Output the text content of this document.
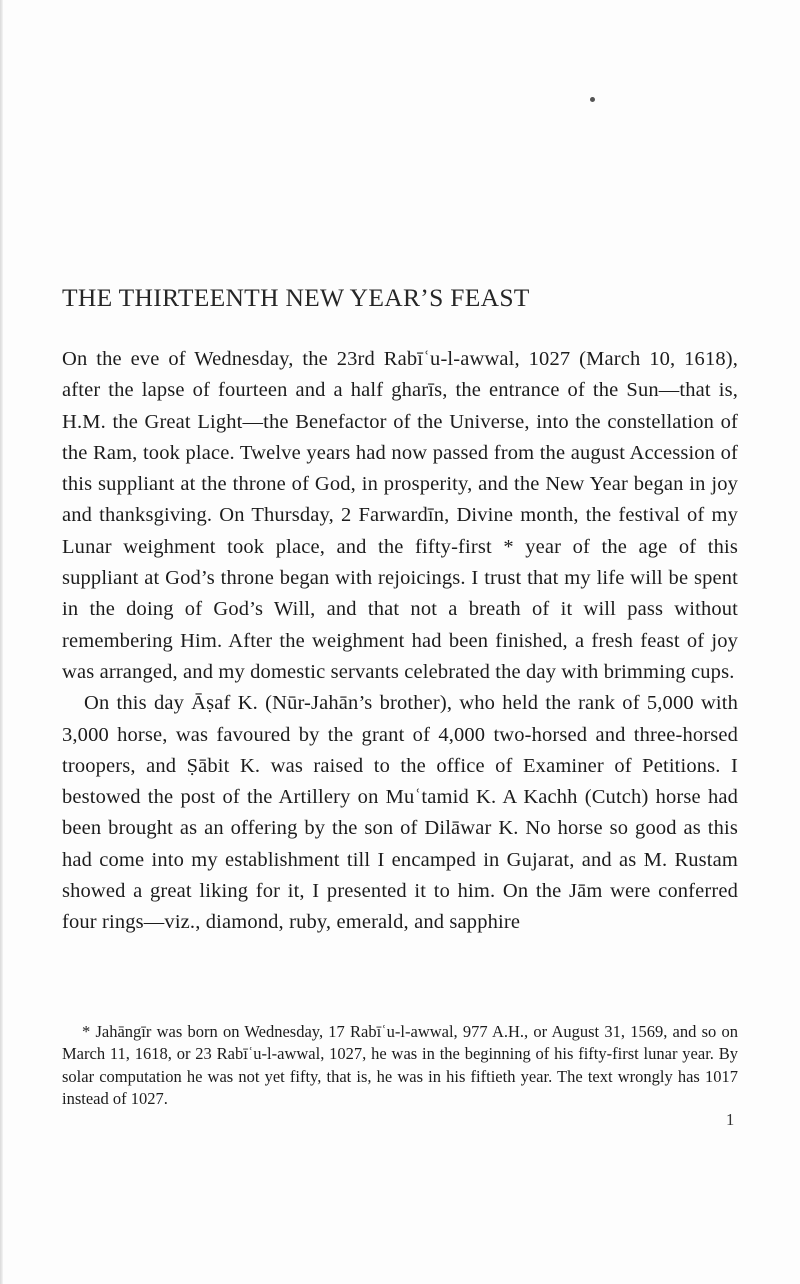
THE THIRTEENTH NEW YEAR’S FEAST

On the eve of Wednesday, the 23rd Rabīʿu-l-awwal, 1027 (March 10, 1618), after the lapse of fourteen and a half gharīs, the entrance of the Sun—that is, H.M. the Great Light—the Benefactor of the Universe, into the constellation of the Ram, took place. Twelve years had now passed from the august Accession of this suppliant at the throne of God, in prosperity, and the New Year began in joy and thanksgiving. On Thursday, 2 Farwardīn, Divine month, the festival of my Lunar weighment took place, and the fifty-first * year of the age of this suppliant at God’s throne began with rejoicings. I trust that my life will be spent in the doing of God’s Will, and that not a breath of it will pass without remembering Him. After the weighment had been finished, a fresh feast of joy was arranged, and my domestic servants celebrated the day with brimming cups.

On this day Āṣaf K. (Nūr-Jahān’s brother), who held the rank of 5,000 with 3,000 horse, was favoured by the grant of 4,000 two-horsed and three-horsed troopers, and Ṣābit K. was raised to the office of Examiner of Petitions. I bestowed the post of the Artillery on Muʿtamid K. A Kachh (Cutch) horse had been brought as an offering by the son of Dilāwar K. No horse so good as this had come into my establishment till I encamped in Gujarat, and as M. Rustam showed a great liking for it, I presented it to him. On the Jām were conferred four rings—viz., diamond, ruby, emerald, and sapphire

* Jahāngīr was born on Wednesday, 17 Rabīʿu-l-awwal, 977 A.H., or August 31, 1569, and so on March 11, 1618, or 23 Rabīʿu-l-awwal, 1027, he was in the beginning of his fifty-first lunar year. By solar computation he was not yet fifty, that is, he was in his fiftieth year. The text wrongly has 1017 instead of 1027.

1
